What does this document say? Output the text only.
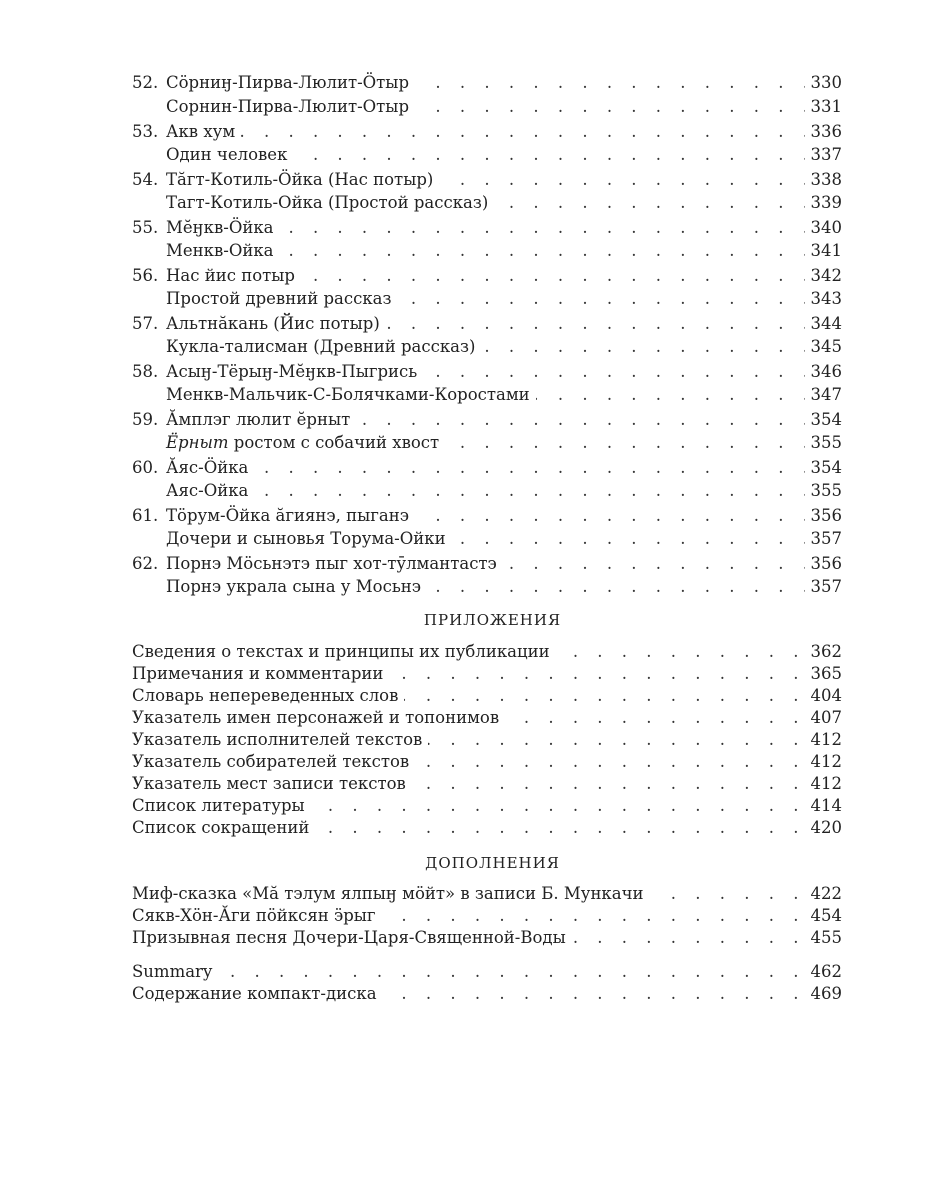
52. Сӧрниӈ-Пирва-Люлит-Ӧтыр . . .	330
Сорнин-Пирва-Люлит-Отыр . . .	331
53. Акв хум . . .	336
Один человек . . .	337
54. Тӑгт-Котиль-Ӧйка (Нас потыр) . . .	338
Тагт-Котиль-Ойка (Простой рассказ) . . .	339
55. Мӗӈкв-Ӧйка . . .	340
Менкв-Ойка . . .	341
56. Нас йис потыр . . .	342
Простой древний рассказ . . .	343
57. Альтнӑкань (Йис потыр) . . .	344
Кукла-талисман (Древний рассказ) . . .	345
58. Асыӈ-Тёрыӈ-Мӗӈкв-Пыгрись . . .	346
Менкв-Мальчик-С-Болячками-Коростами . . .	347
59. Ӑмплэг люлит ӗрныт . . .	354
Ёрныт ростом с собачий хвост . . .	355
60. Ӑяс-Ӧйка . . .	354
Аяс-Ойка . . .	355
61. Тӧрум-Ӧйка ӑгиянэ, пыганэ . . .	356
Дочери и сыновья Торума-Ойки . . .	357
62. Порнэ Мӧсьнэтэ пыг хот-тӯлмантастэ . . .	356
Порнэ украла сына у Мосьнэ . . .	357
ПРИЛОЖЕНИЯ
Сведения о текстах и принципы их публикации . . .	362
Примечания и комментарии . . .	365
Словарь непереведенных слов . . .	404
Указатель имен персонажей и топонимов . . .	407
Указатель исполнителей текстов . . .	412
Указатель собирателей текстов . . .	412
Указатель мест записи текстов . . .	412
Список литературы . . .	414
Список сокращений . . .	420
ДОПОЛНЕНИЯ
Миф-сказка «Мӑ тэлум ялпыӈ мӧйт» в записи Б. Мункачи . . .	422
Сякв-Хӧн-Ӑги пӧйксян ӭрыг . . .	454
Призывная песня Дочери-Царя-Священной-Воды . . .	455
Summary . . .	462
Содержание компакт-диска . . .	469
